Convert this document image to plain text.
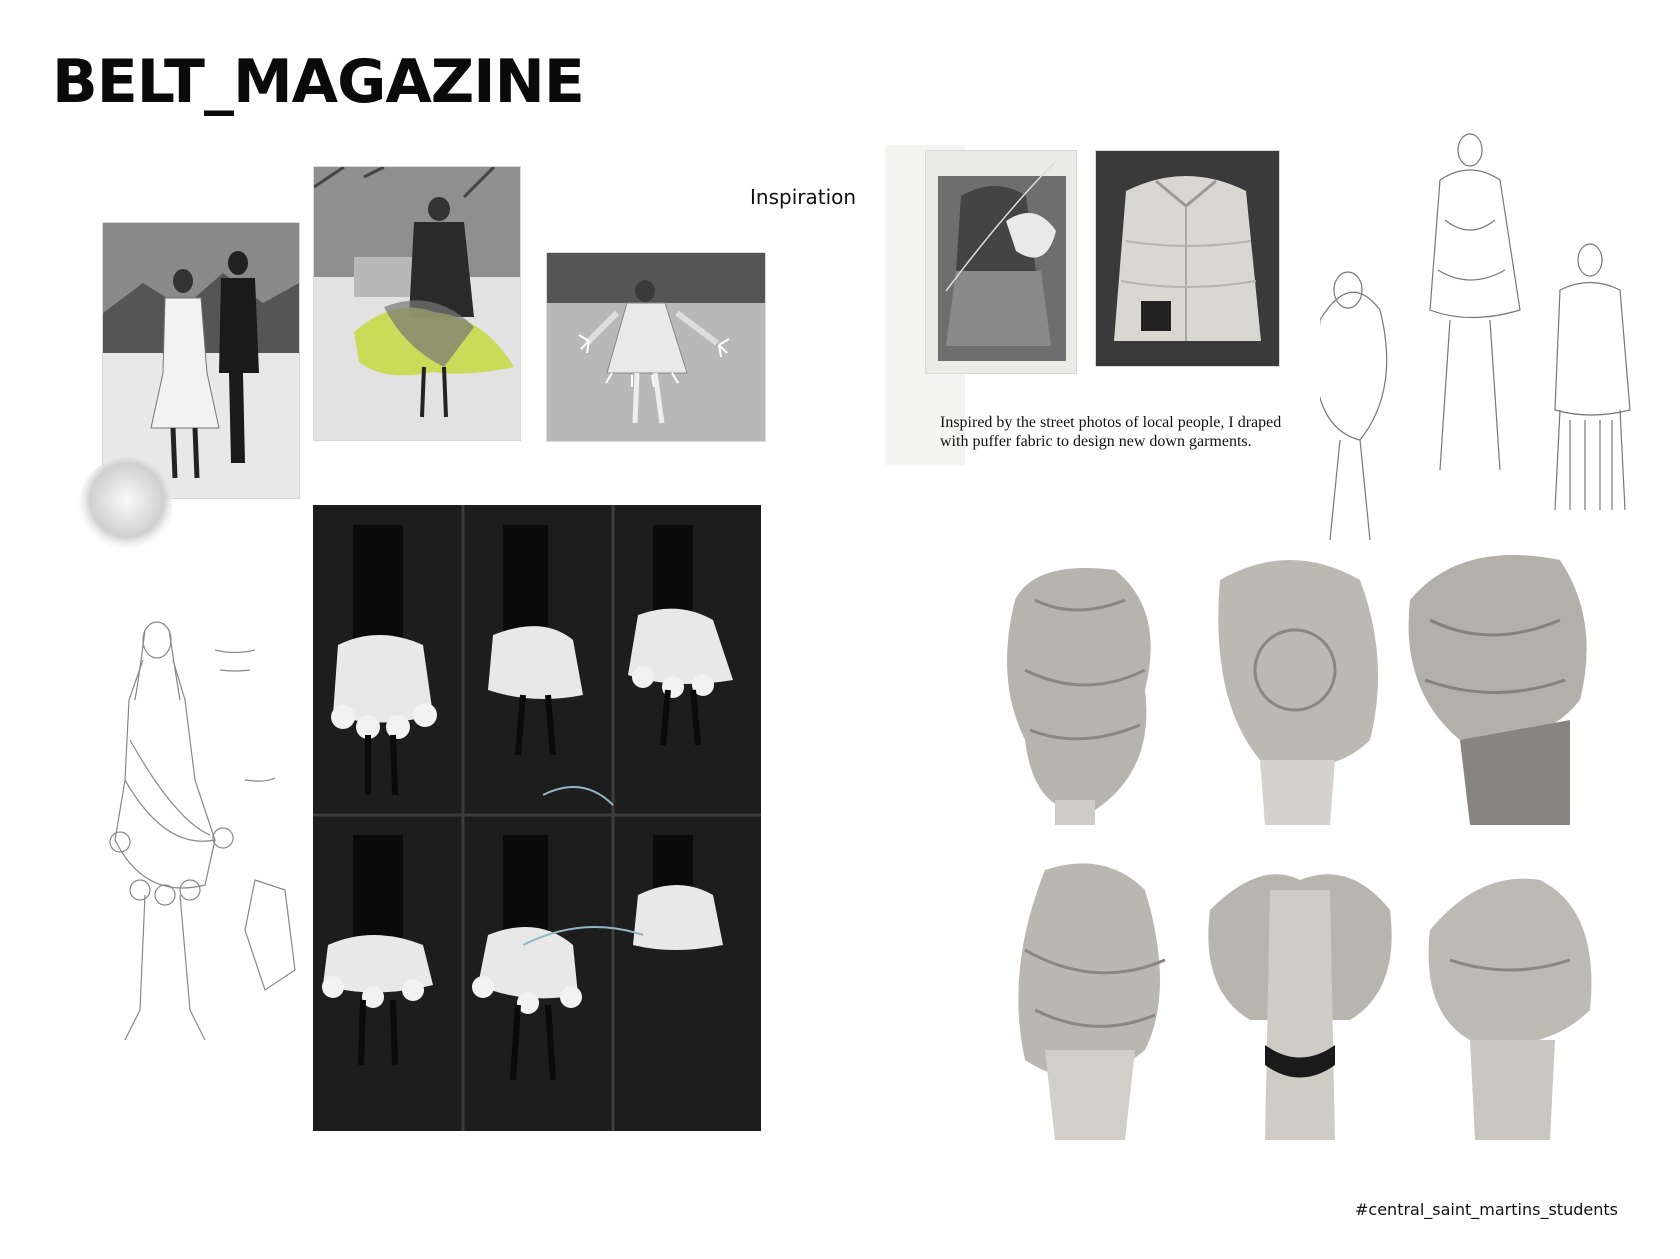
BELT_MAGAZINE
Inspiration
Inspired by the street photos of local people, I draped with puffer fabric to design new down garments.
#central_saint_martins_students
